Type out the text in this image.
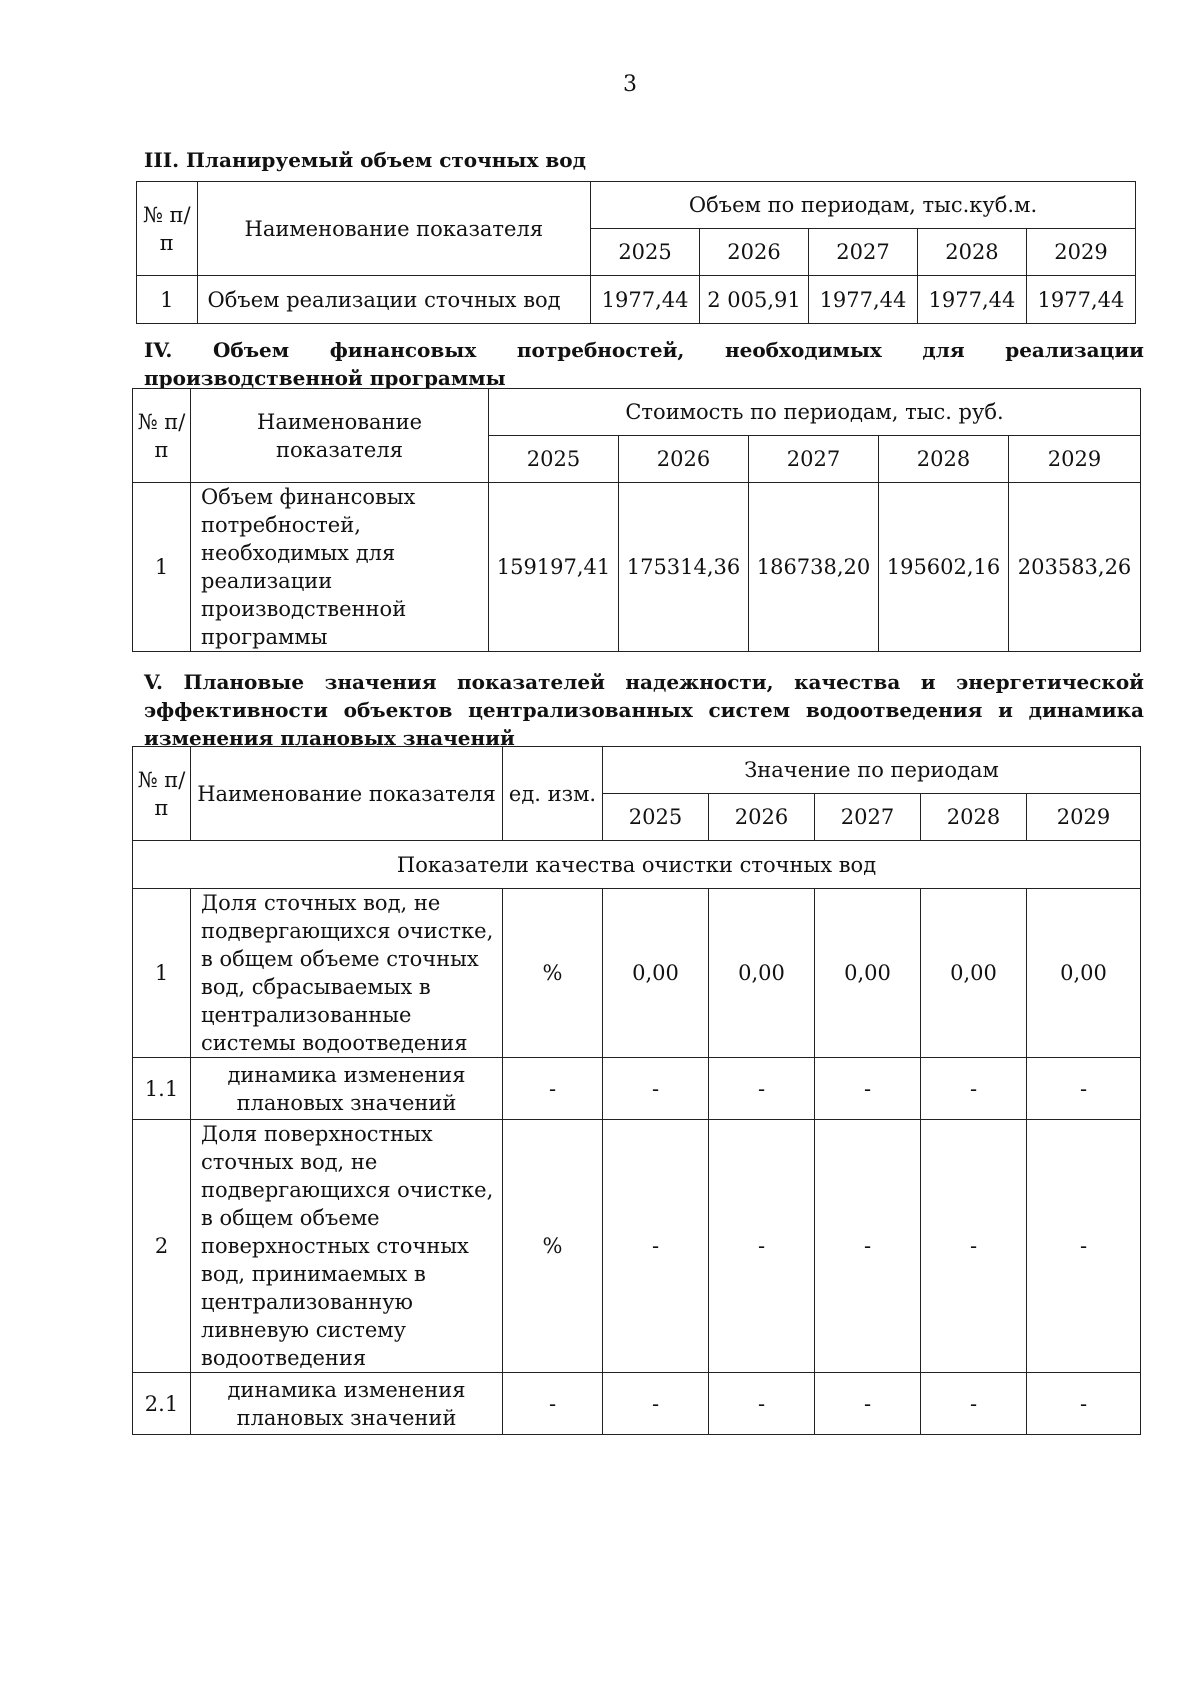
3
III. Планируемый объем сточных вод
№ п/п	Наименование показателя	Объем по периодам, тыс.куб.м.				
		2025	2026	2027	2028	2029
1	Объем реализации сточных вод	1977,44	2 005,91	1977,44	1977,44	1977,44
IV. Объем финансовых потребностей, необходимых для реализации производственной программы
№ п/п	Наименование показателя	Стоимость по периодам, тыс. руб.				
		2025	2026	2027	2028	2029
1	Объем финансовых потребностей, необходимых для реализации производственной программы	159197,41	175314,36	186738,20	195602,16	203583,26
V. Плановые значения показателей надежности, качества и энергетической эффективности объектов централизованных систем водоотведения и динамика изменения плановых значений
№ п/п	Наименование показателя	ед. изм.	Значение по периодам				
			2025	2026	2027	2028	2029
Показатели качества очистки сточных вод							
1	Доля сточных вод, не подвергающихся очистке, в общем объеме сточных вод, сбрасываемых в централизованные системы водоотведения	%	0,00	0,00	0,00	0,00	0,00
1.1	динамика изменения плановых значений	-	-	-	-	-	-
2	Доля поверхностных сточных вод, не подвергающихся очистке, в общем объеме поверхностных сточных вод, принимаемых в централизованную ливневую систему водоотведения	%	-	-	-	-	-
2.1	динамика изменения плановых значений	-	-	-	-	-	-
